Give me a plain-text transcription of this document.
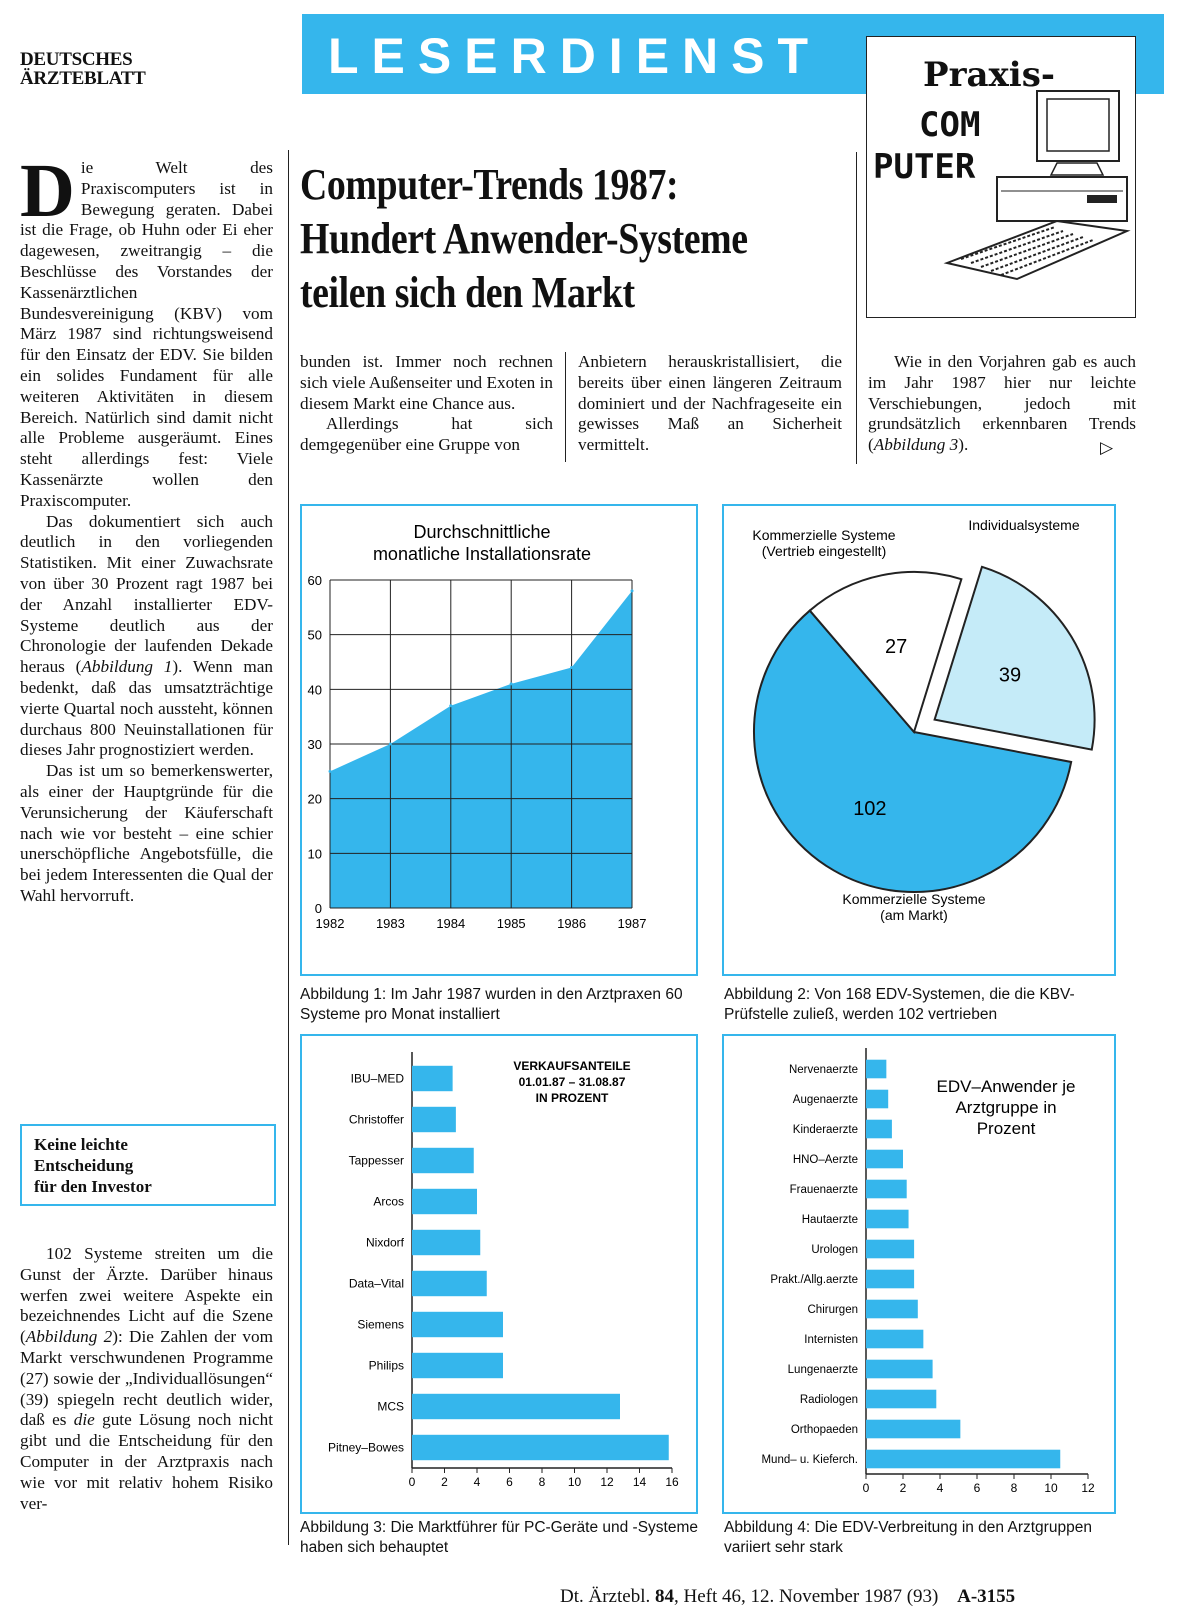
DEUTSCHES
ÄRZTEBLATT	LESERDIENST	Praxis-
COM
PUTER
Computer-Trends 1987:
Hundert Anwender-Systeme
teilen sich den Markt

Die Welt des Praxiscomputers ist in Bewegung geraten. Dabei ist die Frage, ob Huhn oder Ei eher dagewesen, zweitrangig – die Beschlüsse des Vorstandes der Kassenärztlichen Bundesvereinigung (KBV) vom März 1987 sind richtungsweisend für den Einsatz der EDV. Sie bilden ein solides Fundament für alle weiteren Aktivitäten in diesem Bereich. Natürlich sind damit nicht alle Probleme ausgeräumt. Eines steht allerdings fest: Viele Kassenärzte wollen den Praxiscomputer.

Das dokumentiert sich auch deutlich in den vorliegenden Statistiken. Mit einer Zuwachsrate von über 30 Prozent ragt 1987 bei der Anzahl installierter EDV-Systeme deutlich aus der Chronologie der laufenden Dekade heraus (Abbildung 1). Wenn man bedenkt, daß das umsatzträchtige vierte Quartal noch aussteht, können durchaus 800 Neuinstallationen für dieses Jahr prognostiziert werden.

Das ist um so bemerkenswerter, als einer der Hauptgründe für die Verunsicherung der Käuferschaft nach wie vor besteht – eine schier unerschöpfliche Angebotsfülle, die bei jedem Interessenten die Qual der Wahl hervorruft.

Keine leichte
Entscheidung
für den Investor

102 Systeme streiten um die Gunst der Ärzte. Darüber hinaus werfen zwei weitere Aspekte ein bezeichnendes Licht auf die Szene (Abbildung 2): Die Zahlen der vom Markt verschwundenen Programme (27) sowie der „Individuallösungen“ (39) spiegeln recht deutlich wider, daß es die gute Lösung noch nicht gibt und die Entscheidung für den Computer in der Arztpraxis nach wie vor mit relativ hohem Risiko ver-

bunden ist. Immer noch rechnen sich viele Außenseiter und Exoten in diesem Markt eine Chance aus.

Allerdings hat sich demgegenüber eine Gruppe von

Anbietern herauskristallisiert, die bereits über einen längeren Zeitraum dominiert und der Nachfrageseite ein gewisses Maß an Sicherheit vermittelt.

Wie in den Vorjahren gab es auch im Jahr 1987 hier nur leichte Verschiebungen, jedoch mit grundsätzlich erkennbaren Trends (Abbildung 3).	▷
Durchschnittliche
monatliche Installationsrate
0
10
20
30
40
50
60
1982 1983 1984 1985 1986 1987
Abbildung 1: Im Jahr 1987 wurden in den Arztpraxen 60 Systeme pro Monat installiert
102
27
39
Kommerzielle Systeme
(Vertrieb eingestellt)
Individualsysteme
Kommerzielle Systeme
(am Markt)
Abbildung 2: Von 168 EDV-Systemen, die die KBV-Prüfstelle zuließ, werden 102 vertrieben
IBU–MED
Christoffer
Tappesser
Arcos
Nixdorf
Data–Vital
Siemens
Philips
MCS
Pitney–Bowes
0 2 4 6 8 10 12 14 16
VERKAUFSANTEILE
01.01.87 – 31.08.87
IN PROZENT
Abbildung 3: Die Marktführer für PC-Geräte und -Systeme haben sich behauptet
Nervenaerzte
Augenaerzte
Kinderaerzte
HNO–Aerzte
Frauenaerzte
Hautaerzte
Urologen
Prakt./Allg.aerzte
Chirurgen
Internisten
Lungenaerzte
Radiologen
Orthopaeden
Mund– u. Kieferch.
0	2	4	6	8 10 12
EDV–Anwender je
Arztgruppe in
Prozent
Abbildung 4: Die EDV-Verbreitung in den Arztgruppen variiert sehr stark
Dt. Ärztebl. 84, Heft 46, 12. November 1987 (93) A-3155
